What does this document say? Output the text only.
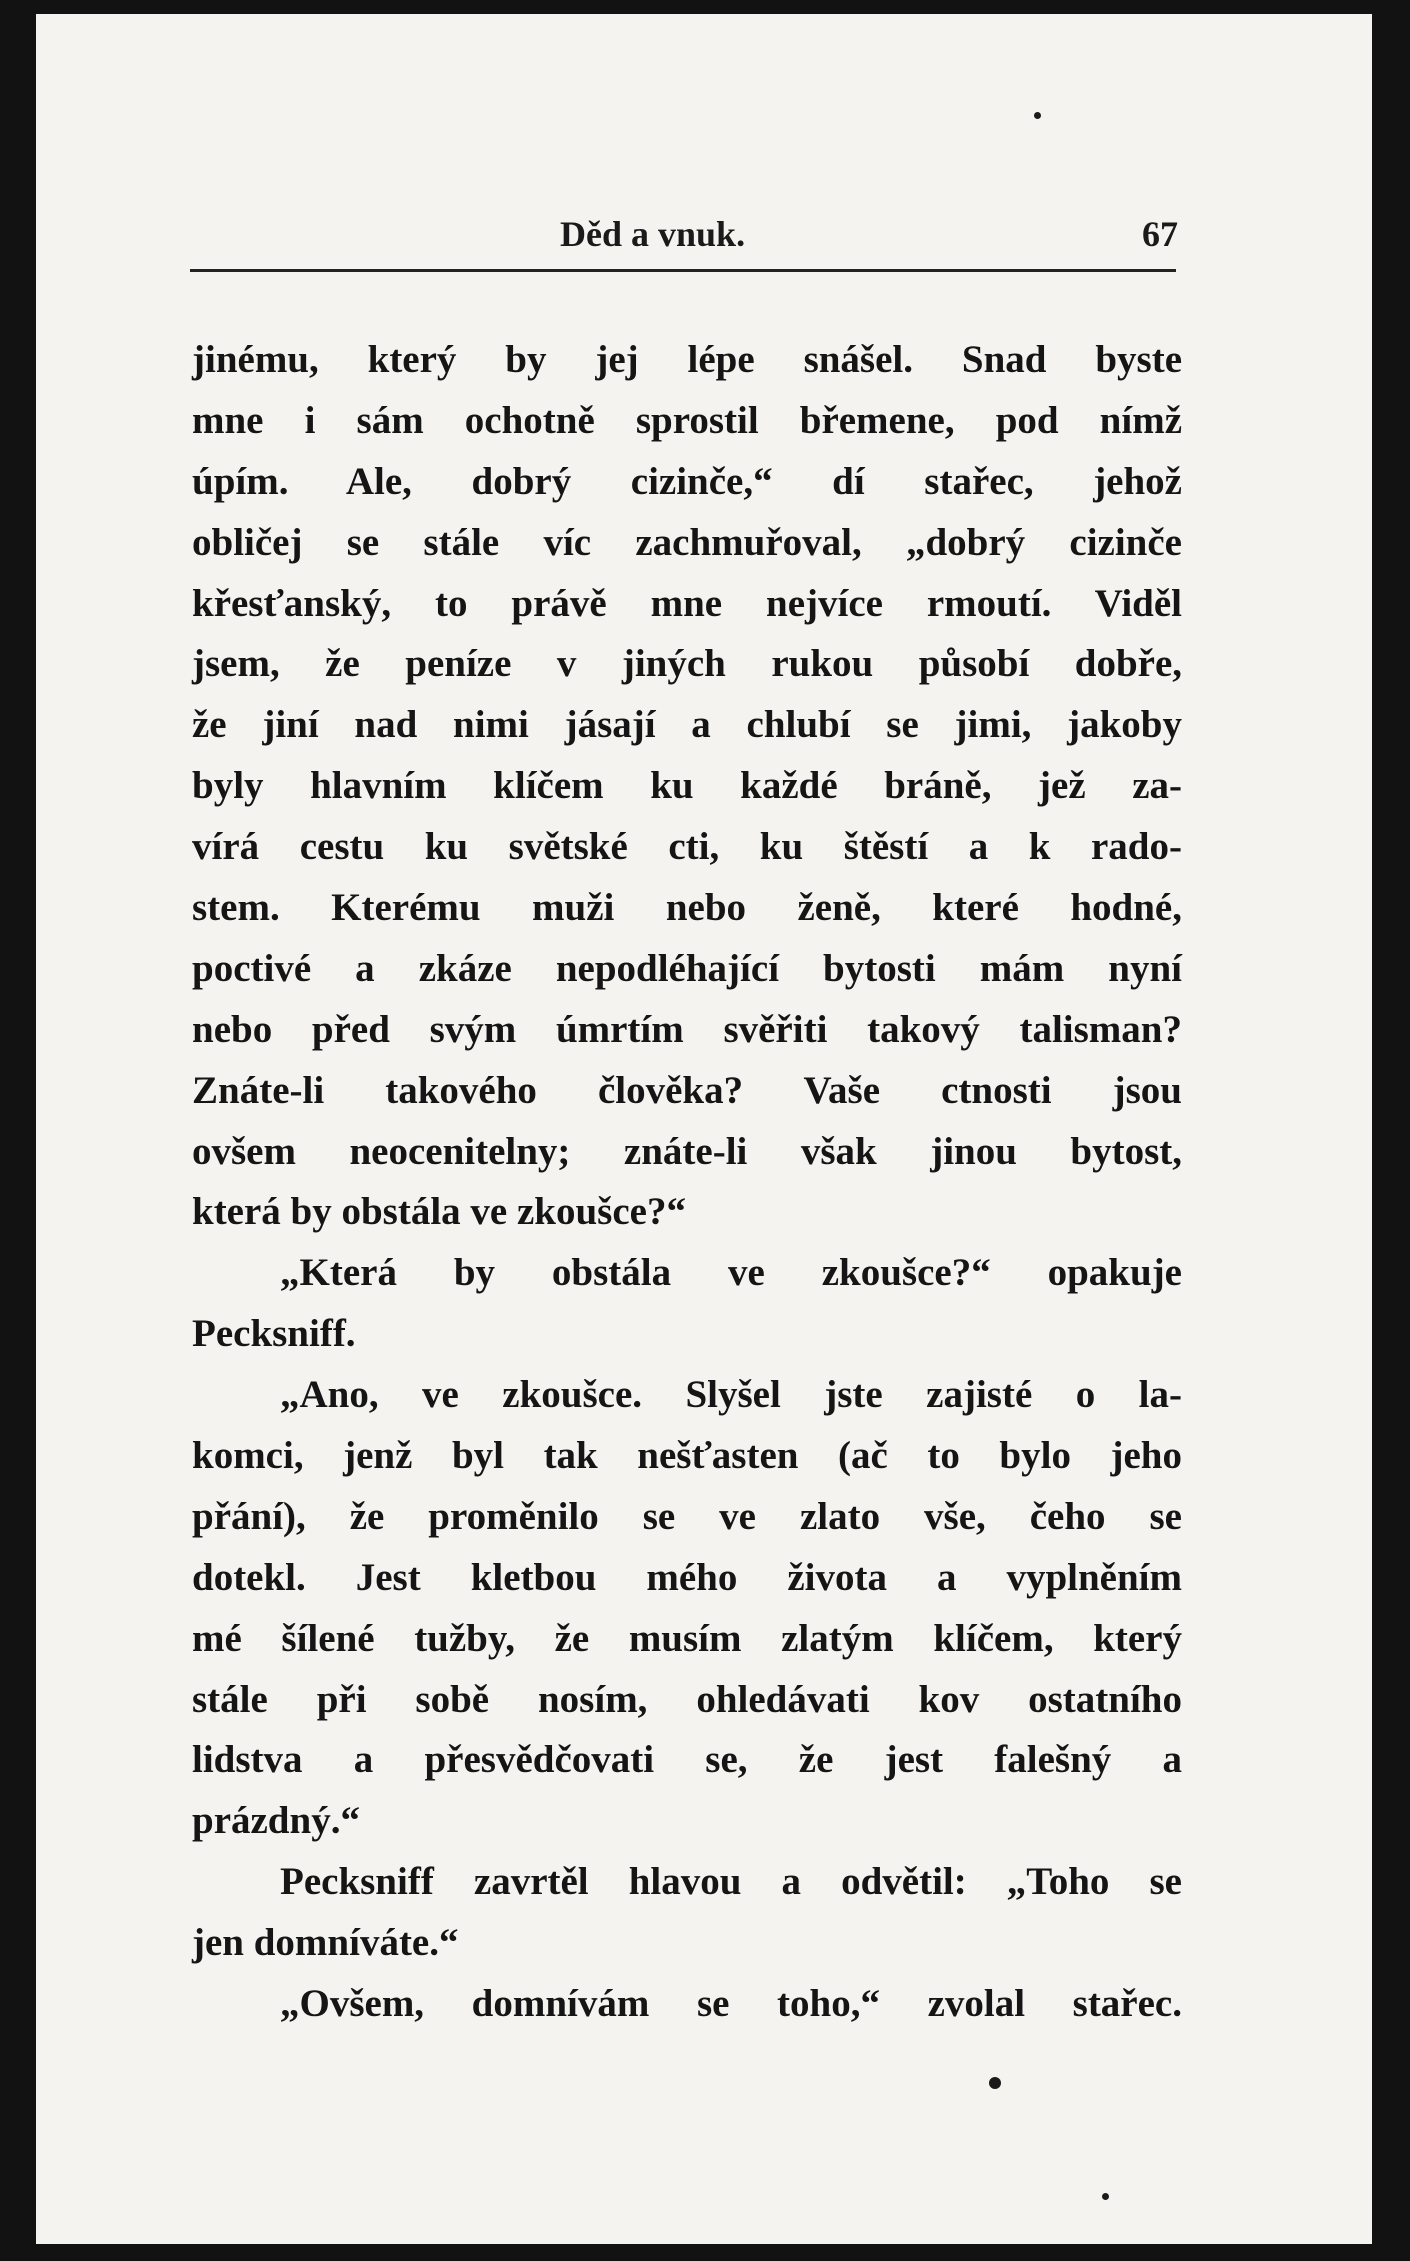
Děd a vnuk.	67
jinému, který by jej lépe snášel. Snad byste
mne i sám ochotně sprostil břemene, pod nímž
úpím. Ale, dobrý cizinče,“ dí stařec, jehož
obličej se stále víc zachmuřoval, „dobrý cizinče
křesťanský, to právě mne nejvíce rmoutí. Viděl
jsem, že peníze v jiných rukou působí dobře,
že jiní nad nimi jásají a chlubí se jimi, jakoby
byly hlavním klíčem ku každé bráně, jež za-
vírá cestu ku světské cti, ku štěstí a k rado-
stem. Kterému muži nebo ženě, které hodné,
poctivé a zkáze nepodléhající bytosti mám nyní
nebo před svým úmrtím svěřiti takový talisman?
Znáte-li takového člověka? Vaše ctnosti jsou
ovšem neocenitelny; znáte-li však jinou bytost,
která by obstála ve zkoušce?“
„Která by obstála ve zkoušce?“ opakuje
Pecksniff.
„Ano, ve zkoušce. Slyšel jste zajisté o la-
komci, jenž byl tak nešťasten (ač to bylo jeho
přání), že proměnilo se ve zlato vše, čeho se
dotekl. Jest kletbou mého života a vyplněním
mé šílené tužby, že musím zlatým klíčem, který
stále při sobě nosím, ohledávati kov ostatního
lidstva a přesvědčovati se, že jest falešný a
prázdný.“
Pecksniff zavrtěl hlavou a odvětil: „Toho se
jen domníváte.“
„Ovšem, domnívám se toho,“ zvolal stařec.
